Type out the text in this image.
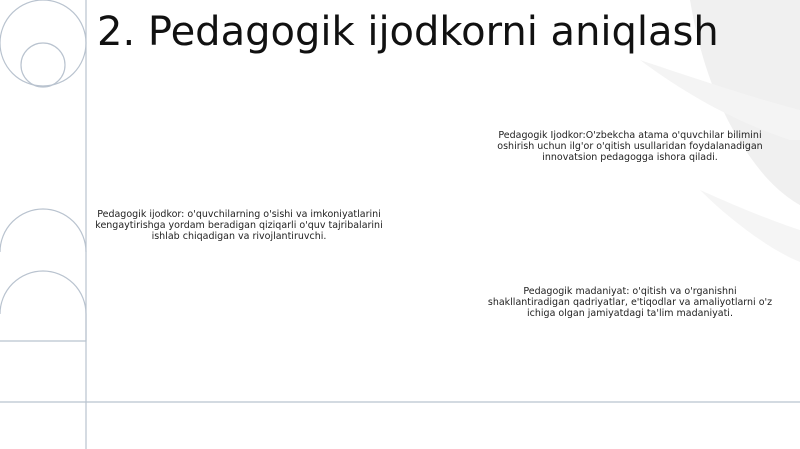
2. Pedagogik ijodkorni aniqlash
Pedagogik Ijodkor:O'zbekcha atama o'quvchilar bilimini oshirish uchun ilg'or o'qitish usullaridan foydalanadigan innovatsion pedagogga ishora qiladi.
Pedagogik ijodkor: o'quvchilarning o'sishi va imkoniyatlarini kengaytirishga yordam beradigan qiziqarli o'quv tajribalarini ishlab chiqadigan va rivojlantiruvchi.
Pedagogik madaniyat: o'qitish va o'rganishni shakllantiradigan qadriyatlar, e'tiqodlar va amaliyotlarni o'z ichiga olgan jamiyatdagi ta'lim madaniyati.
